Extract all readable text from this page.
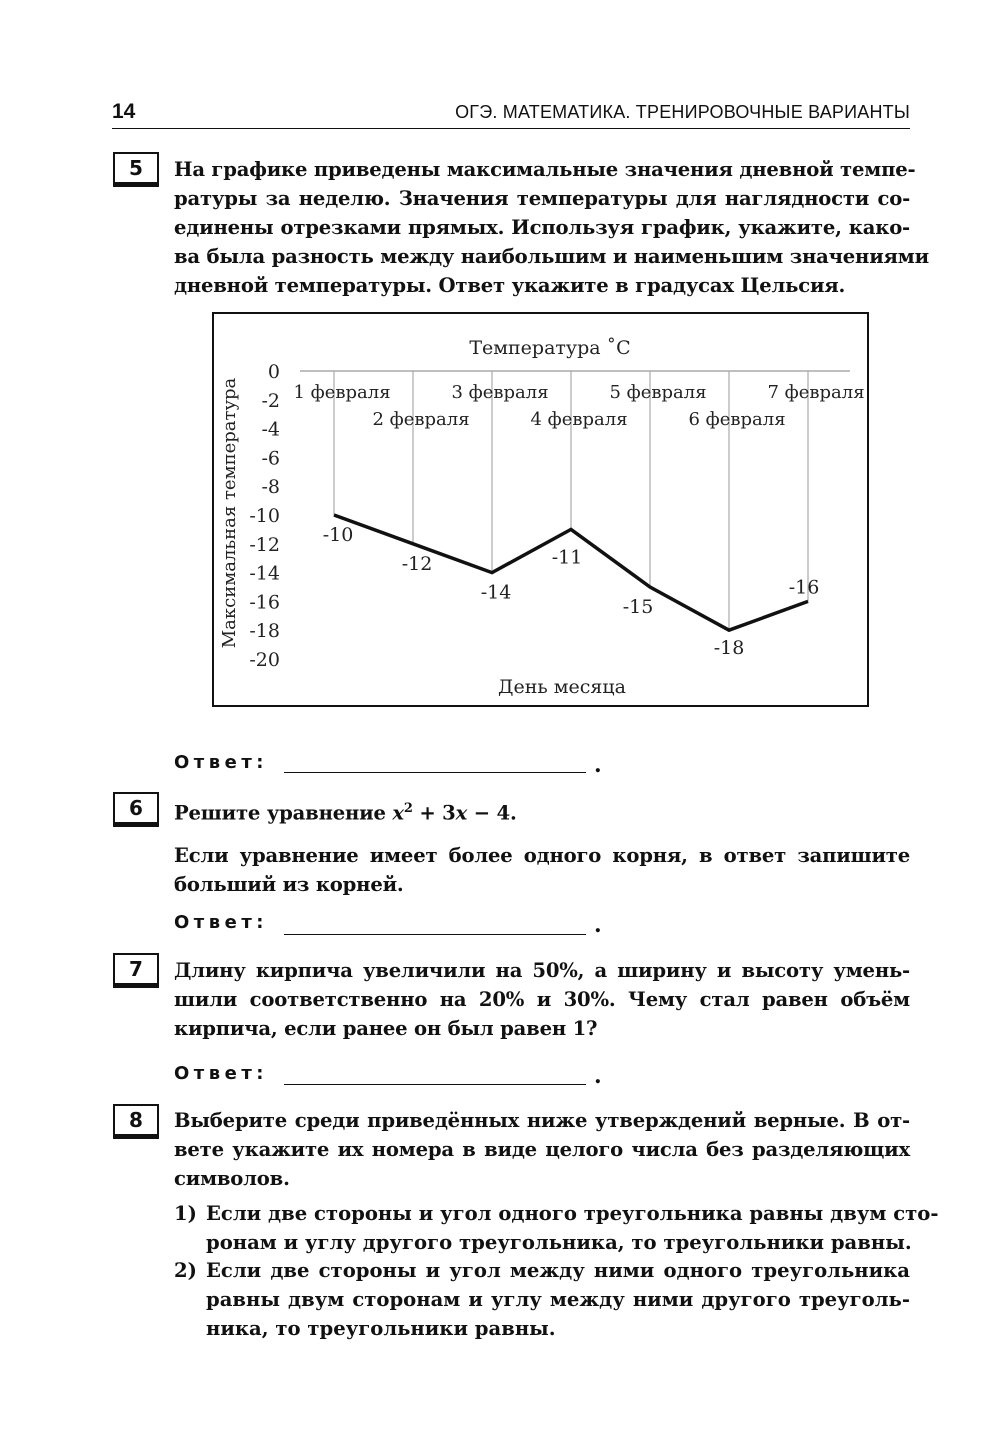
14	ОГЭ. МАТЕМАТИКА. ТРЕНИРОВОЧНЫЕ ВАРИАНТЫ
5	На графике приведены максимальные значения дневной темпе-
ратуры за неделю. Значения температуры для наглядности со-
единены отрезками прямых. Используя график, укажите, како-
ва была разность между наибольшим и наименьшим значениями
дневной температуры. Ответ укажите в градусах Цельсия.
Температура ˚С
Максимальная температура
День месяца
0
-2
-4
-6
-8
-10
-12
-14
-16
-18
-20
1 февраля
2 февраля
3 февраля
4 февраля
5 февраля
6 февраля
7 февраля
-10
-12
-14
-11
-15
-18
-16
Ответ:	.
6	Решите уравнение $x^2 + 3x - 4$.
Если уравнение имеет более одного корня, в ответ запишите
больший из корней.
Ответ:	.
7	Длину кирпича увеличили на 50%, а ширину и высоту умень-
шили соответственно на 20% и 30%. Чему стал равен объём
кирпича, если ранее он был равен 1?
Ответ:	.
8	Выберите среди приведённых ниже утверждений верные. В от-
вете укажите их номера в виде целого числа без разделяющих
символов.
1) Если две стороны и угол одного треугольника равны двум сто-
ронам и углу другого треугольника, то треугольники равны.
2) Если две стороны и угол между ними одного треугольника
равны двум сторонам и углу между ними другого треуголь-
ника, то треугольники равны.
